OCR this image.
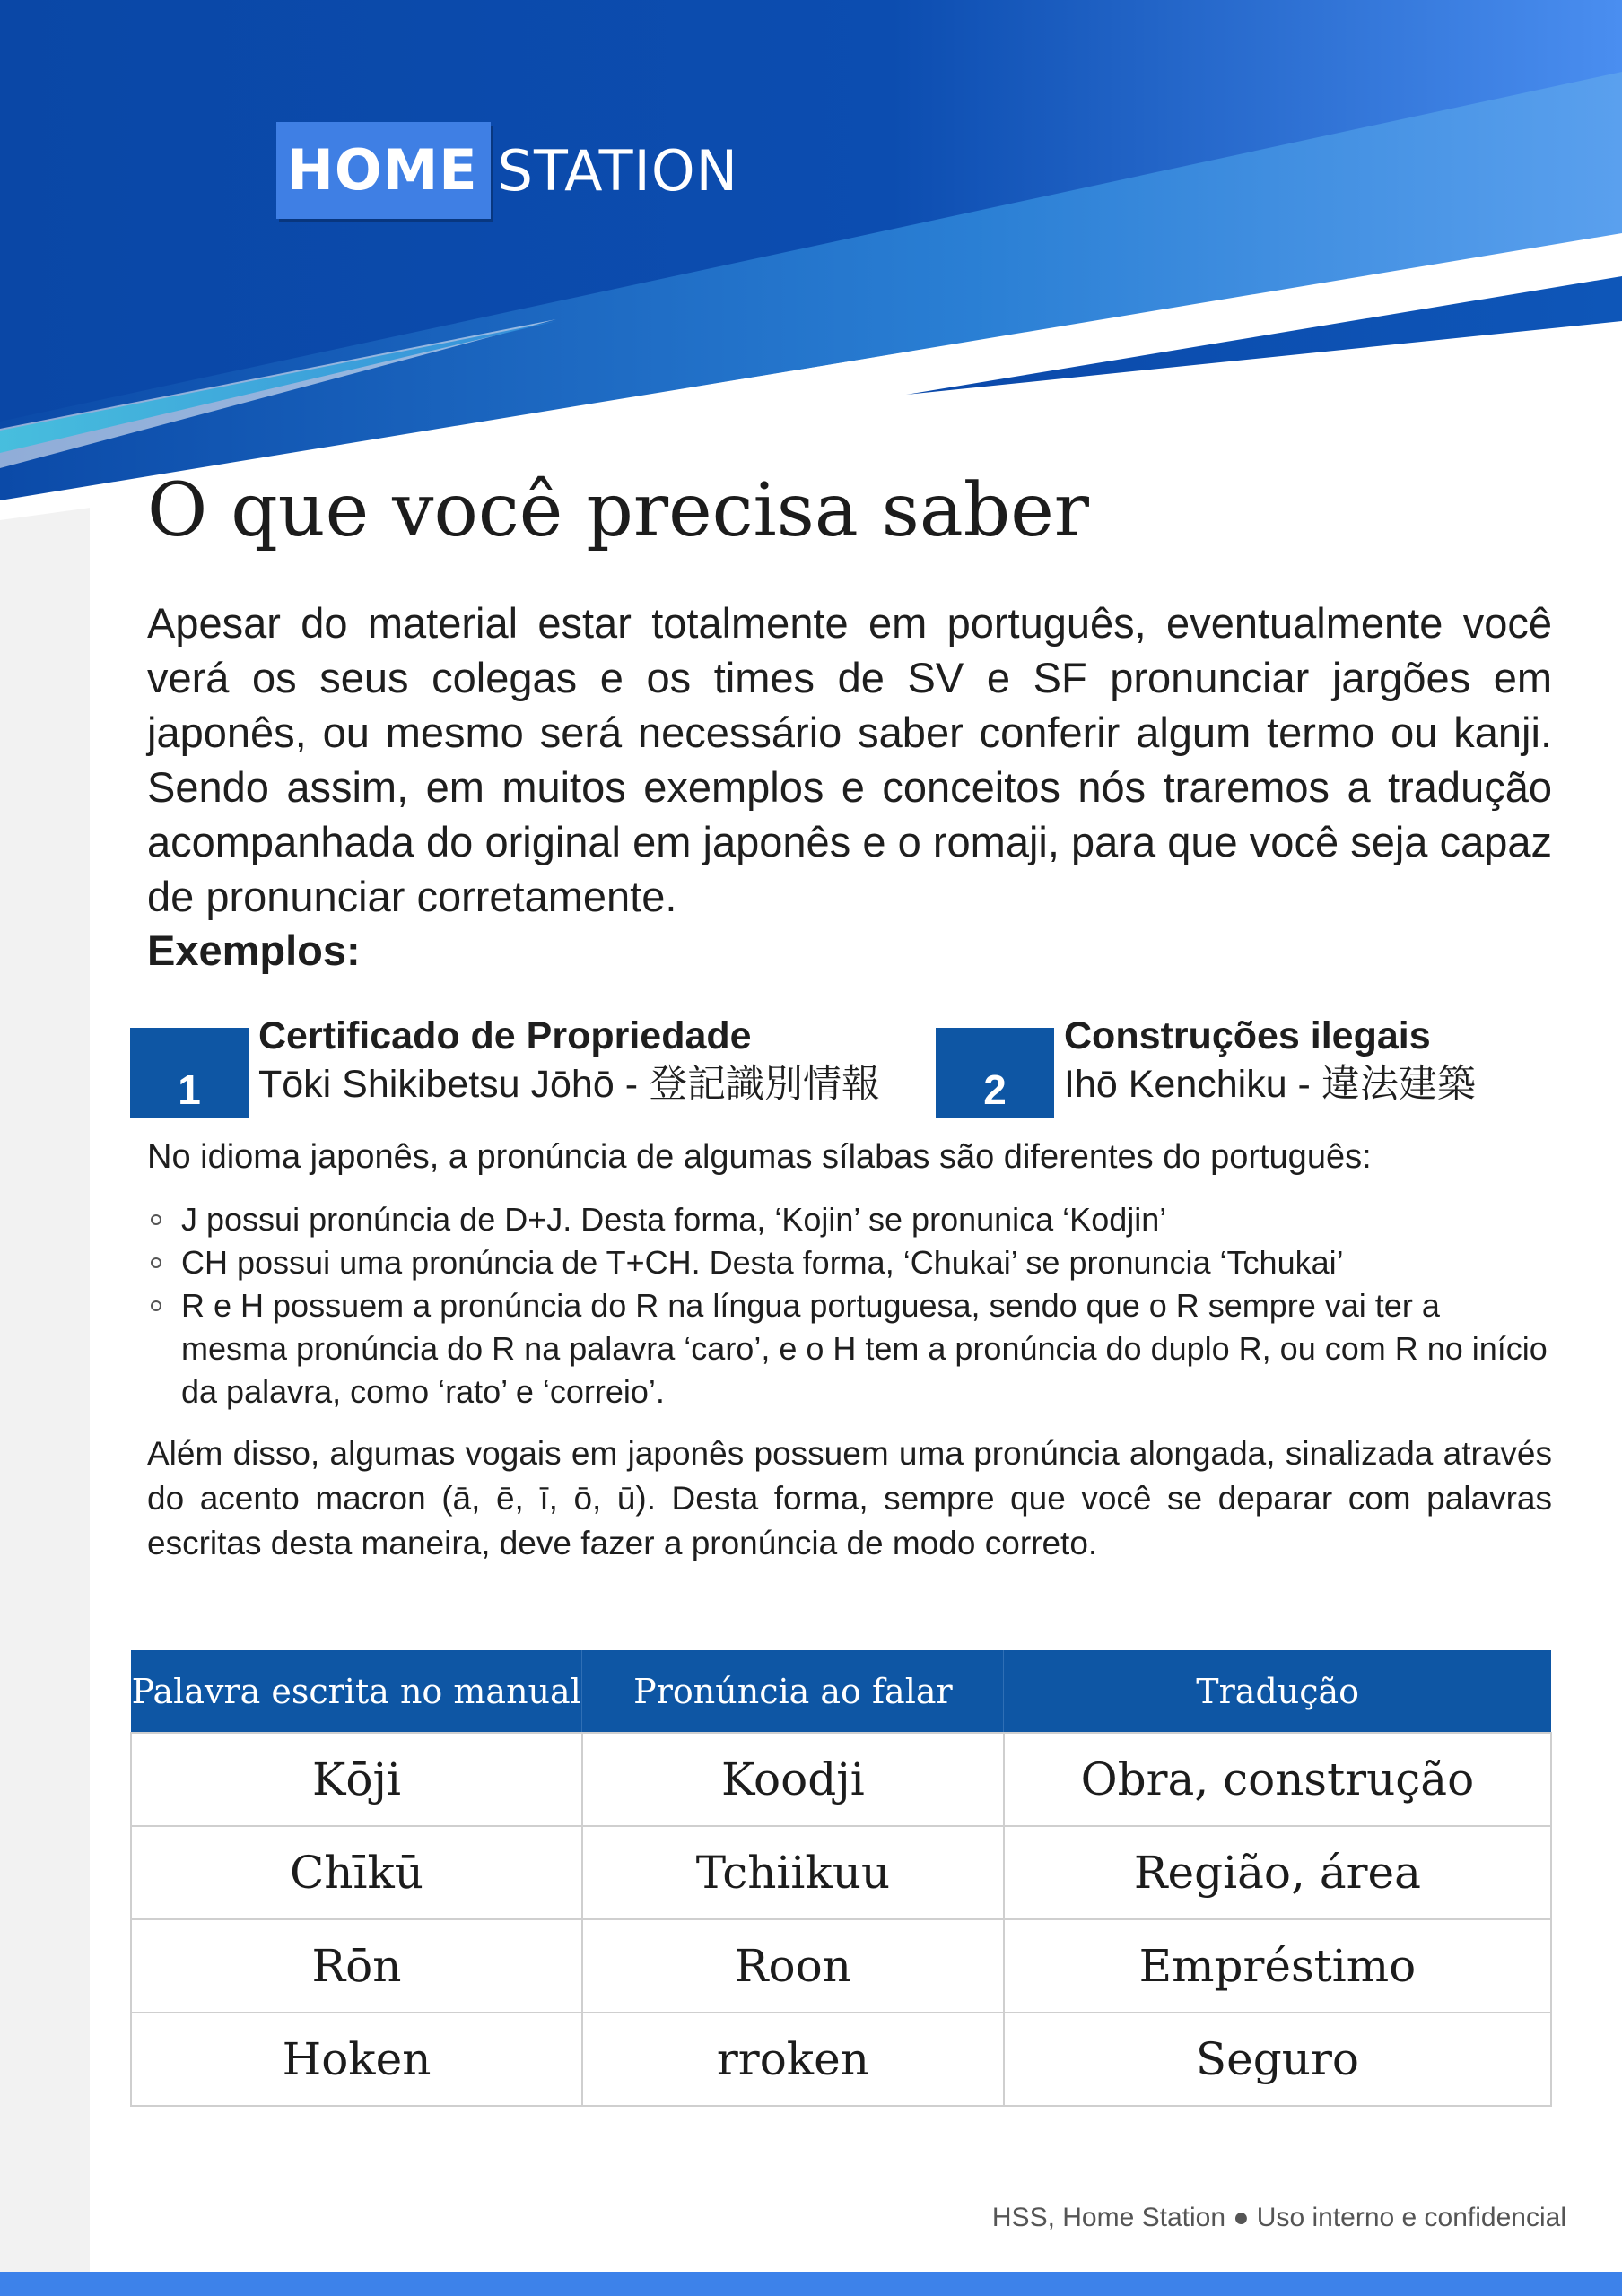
HOME STATION
O que você precisa saber

Apesar do material estar totalmente em português, eventualmente você verá os seus colegas e os times de SV e SF pronunciar jargões em japonês, ou mesmo será necessário saber conferir algum termo ou kanji. Sendo assim, em muitos exemplos e conceitos nós traremos a tradução acompanhada do original em japonês e o romaji, para que você seja capaz de pronunciar corretamente.

Exemplos:

1
Certificado de Propriedade
Tōki Shikibetsu Jōhō - 登記識別情報	2
Construções ilegais
Ihō Kenchiku - 違法建築

No idioma japonês, a pronúncia de algumas sílabas são diferentes do português:

J possui pronúncia de D+J. Desta forma, ‘Kojin’ se pronunica ‘Kodjin’
CH possui uma pronúncia de T+CH. Desta forma, ‘Chukai’ se pronuncia ‘Tchukai’
R e H possuem a pronúncia do R na língua portuguesa, sendo que o R sempre vai ter a mesma pronúncia do R na palavra ‘caro’, e o H tem a pronúncia do duplo R, ou com R no início da palavra, como ‘rato’ e ‘correio’.

Além disso, algumas vogais em japonês possuem uma pronúncia alongada, sinalizada através do acento macron (ā, ē, ī, ō, ū). Desta forma, sempre que você se deparar com palavras escritas desta maneira, deve fazer a pronúncia de modo correto.

Palavra escrita no manual	Pronúncia ao falar	Tradução
Kōji	Koodji	Obra, construção
Chīkū	Tchiikuu	Região, área
Rōn	Roon	Empréstimo
Hoken	rroken	Seguro
HSS, Home Station ● Uso interno e confidencial
